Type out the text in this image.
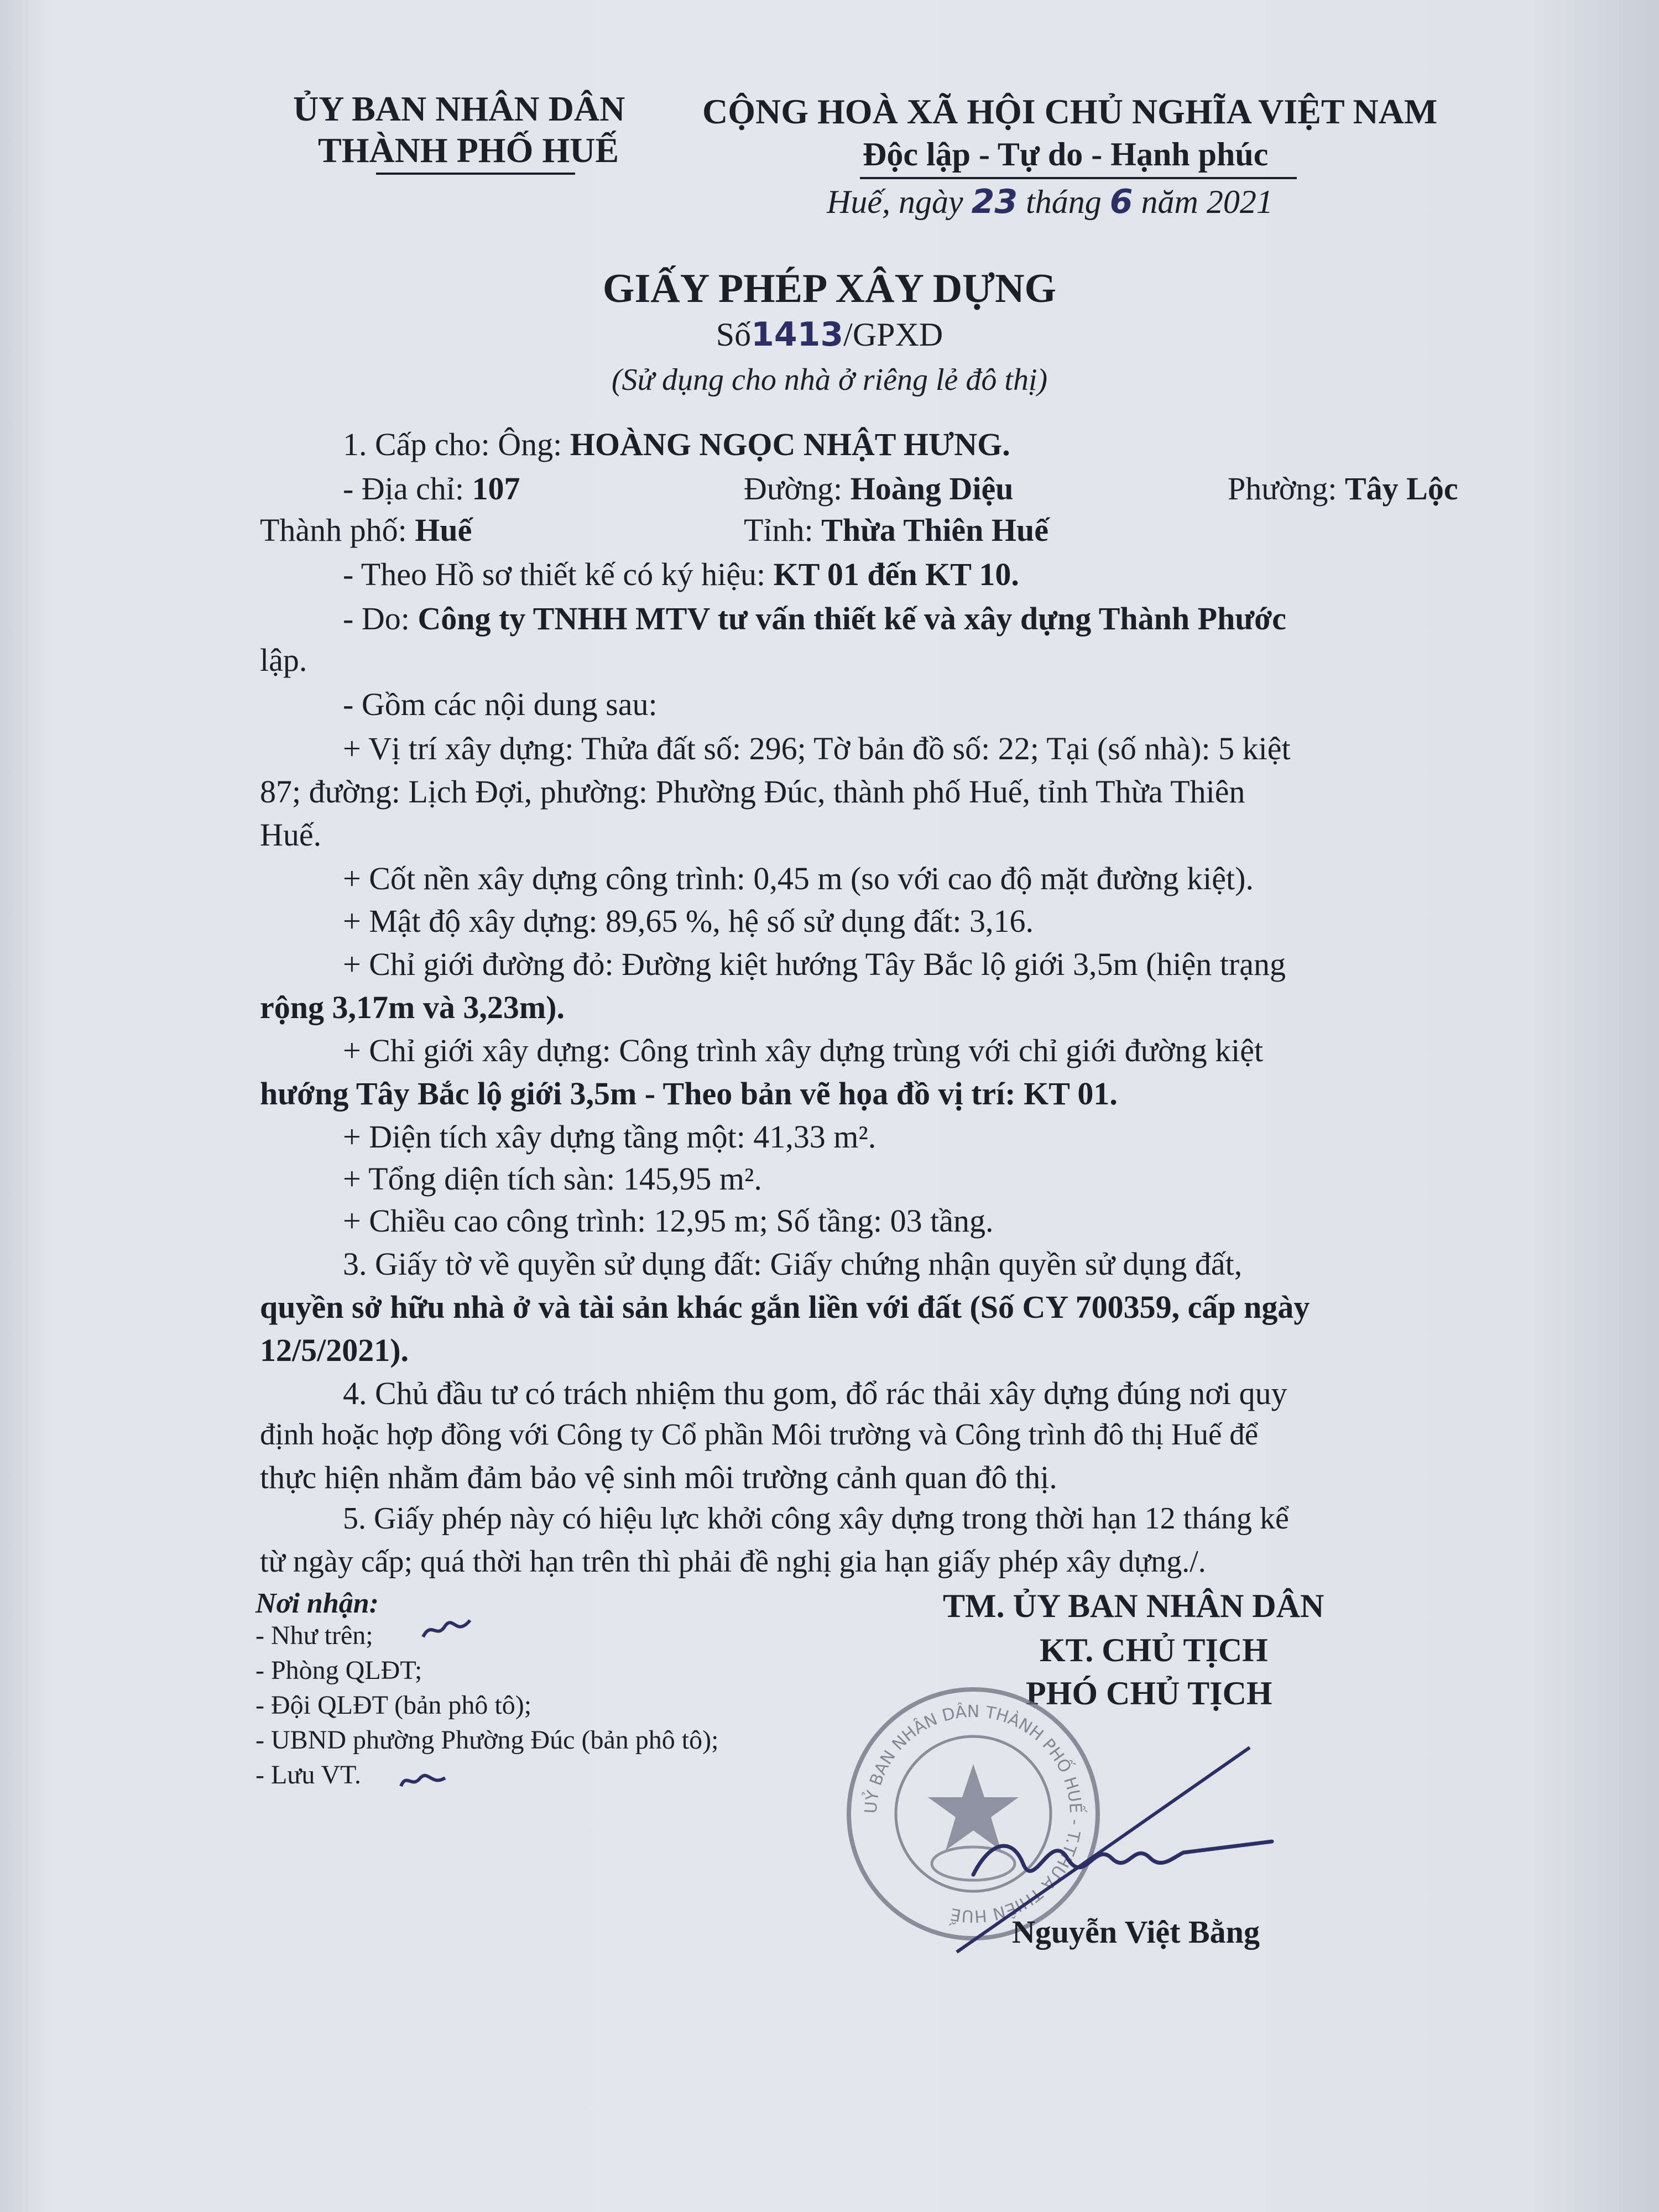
ỦY BAN NHÂN DÂN
THÀNH PHỐ HUẾ
CỘNG HOÀ XÃ HỘI CHỦ NGHĨA VIỆT NAM
Độc lập - Tự do - Hạnh phúc
Huế, ngày 23 tháng 6 năm 2021
GIẤY PHÉP XÂY DỰNG
Số1413/GPXD
(Sử dụng cho nhà ở riêng lẻ đô thị)
1. Cấp cho: Ông: HOÀNG NGỌC NHẬT HƯNG.
- Địa chỉ: 107	Đường: Hoàng Diệu	Phường: Tây Lộc
Thành phố: Huế	Tỉnh: Thừa Thiên Huế
- Theo Hồ sơ thiết kế có ký hiệu: KT 01 đến KT 10.
- Do: Công ty TNHH MTV tư vấn thiết kế và xây dựng Thành Phước
lập.
- Gồm các nội dung sau:
+ Vị trí xây dựng: Thửa đất số: 296; Tờ bản đồ số: 22; Tại (số nhà): 5 kiệt
87; đường: Lịch Đợi, phường: Phường Đúc, thành phố Huế, tỉnh Thừa Thiên
Huế.
+ Cốt nền xây dựng công trình: 0,45 m (so với cao độ mặt đường kiệt).
+ Mật độ xây dựng: 89,65 %, hệ số sử dụng đất: 3,16.
+ Chỉ giới đường đỏ: Đường kiệt hướng Tây Bắc lộ giới 3,5m (hiện trạng
rộng 3,17m và 3,23m).
+ Chỉ giới xây dựng: Công trình xây dựng trùng với chỉ giới đường kiệt
hướng Tây Bắc lộ giới 3,5m - Theo bản vẽ họa đồ vị trí: KT 01.
+ Diện tích xây dựng tầng một: 41,33 m².
+ Tổng diện tích sàn: 145,95 m².
+ Chiều cao công trình: 12,95 m; Số tầng: 03 tầng.
3. Giấy tờ về quyền sử dụng đất: Giấy chứng nhận quyền sử dụng đất,
quyền sở hữu nhà ở và tài sản khác gắn liền với đất (Số CY 700359, cấp ngày
12/5/2021).
4. Chủ đầu tư có trách nhiệm thu gom, đổ rác thải xây dựng đúng nơi quy
định hoặc hợp đồng với Công ty Cổ phần Môi trường và Công trình đô thị Huế để
thực hiện nhằm đảm bảo vệ sinh môi trường cảnh quan đô thị.
5. Giấy phép này có hiệu lực khởi công xây dựng trong thời hạn 12 tháng kể
từ ngày cấp; quá thời hạn trên thì phải đề nghị gia hạn giấy phép xây dựng./.
Nơi nhận:
- Như trên;
- Phòng QLĐT;
- Đội QLĐT (bản phô tô);
- UBND phường Phường Đúc (bản phô tô);
- Lưu VT.
TM. ỦY BAN NHÂN DÂN
KT. CHỦ TỊCH
PHÓ CHỦ TỊCH
UỶ BAN NHÂN DÂN THÀNH PHỐ HUẾ - T.THỪA THIÊN HUẾ	Nguyễn Việt Bằng
